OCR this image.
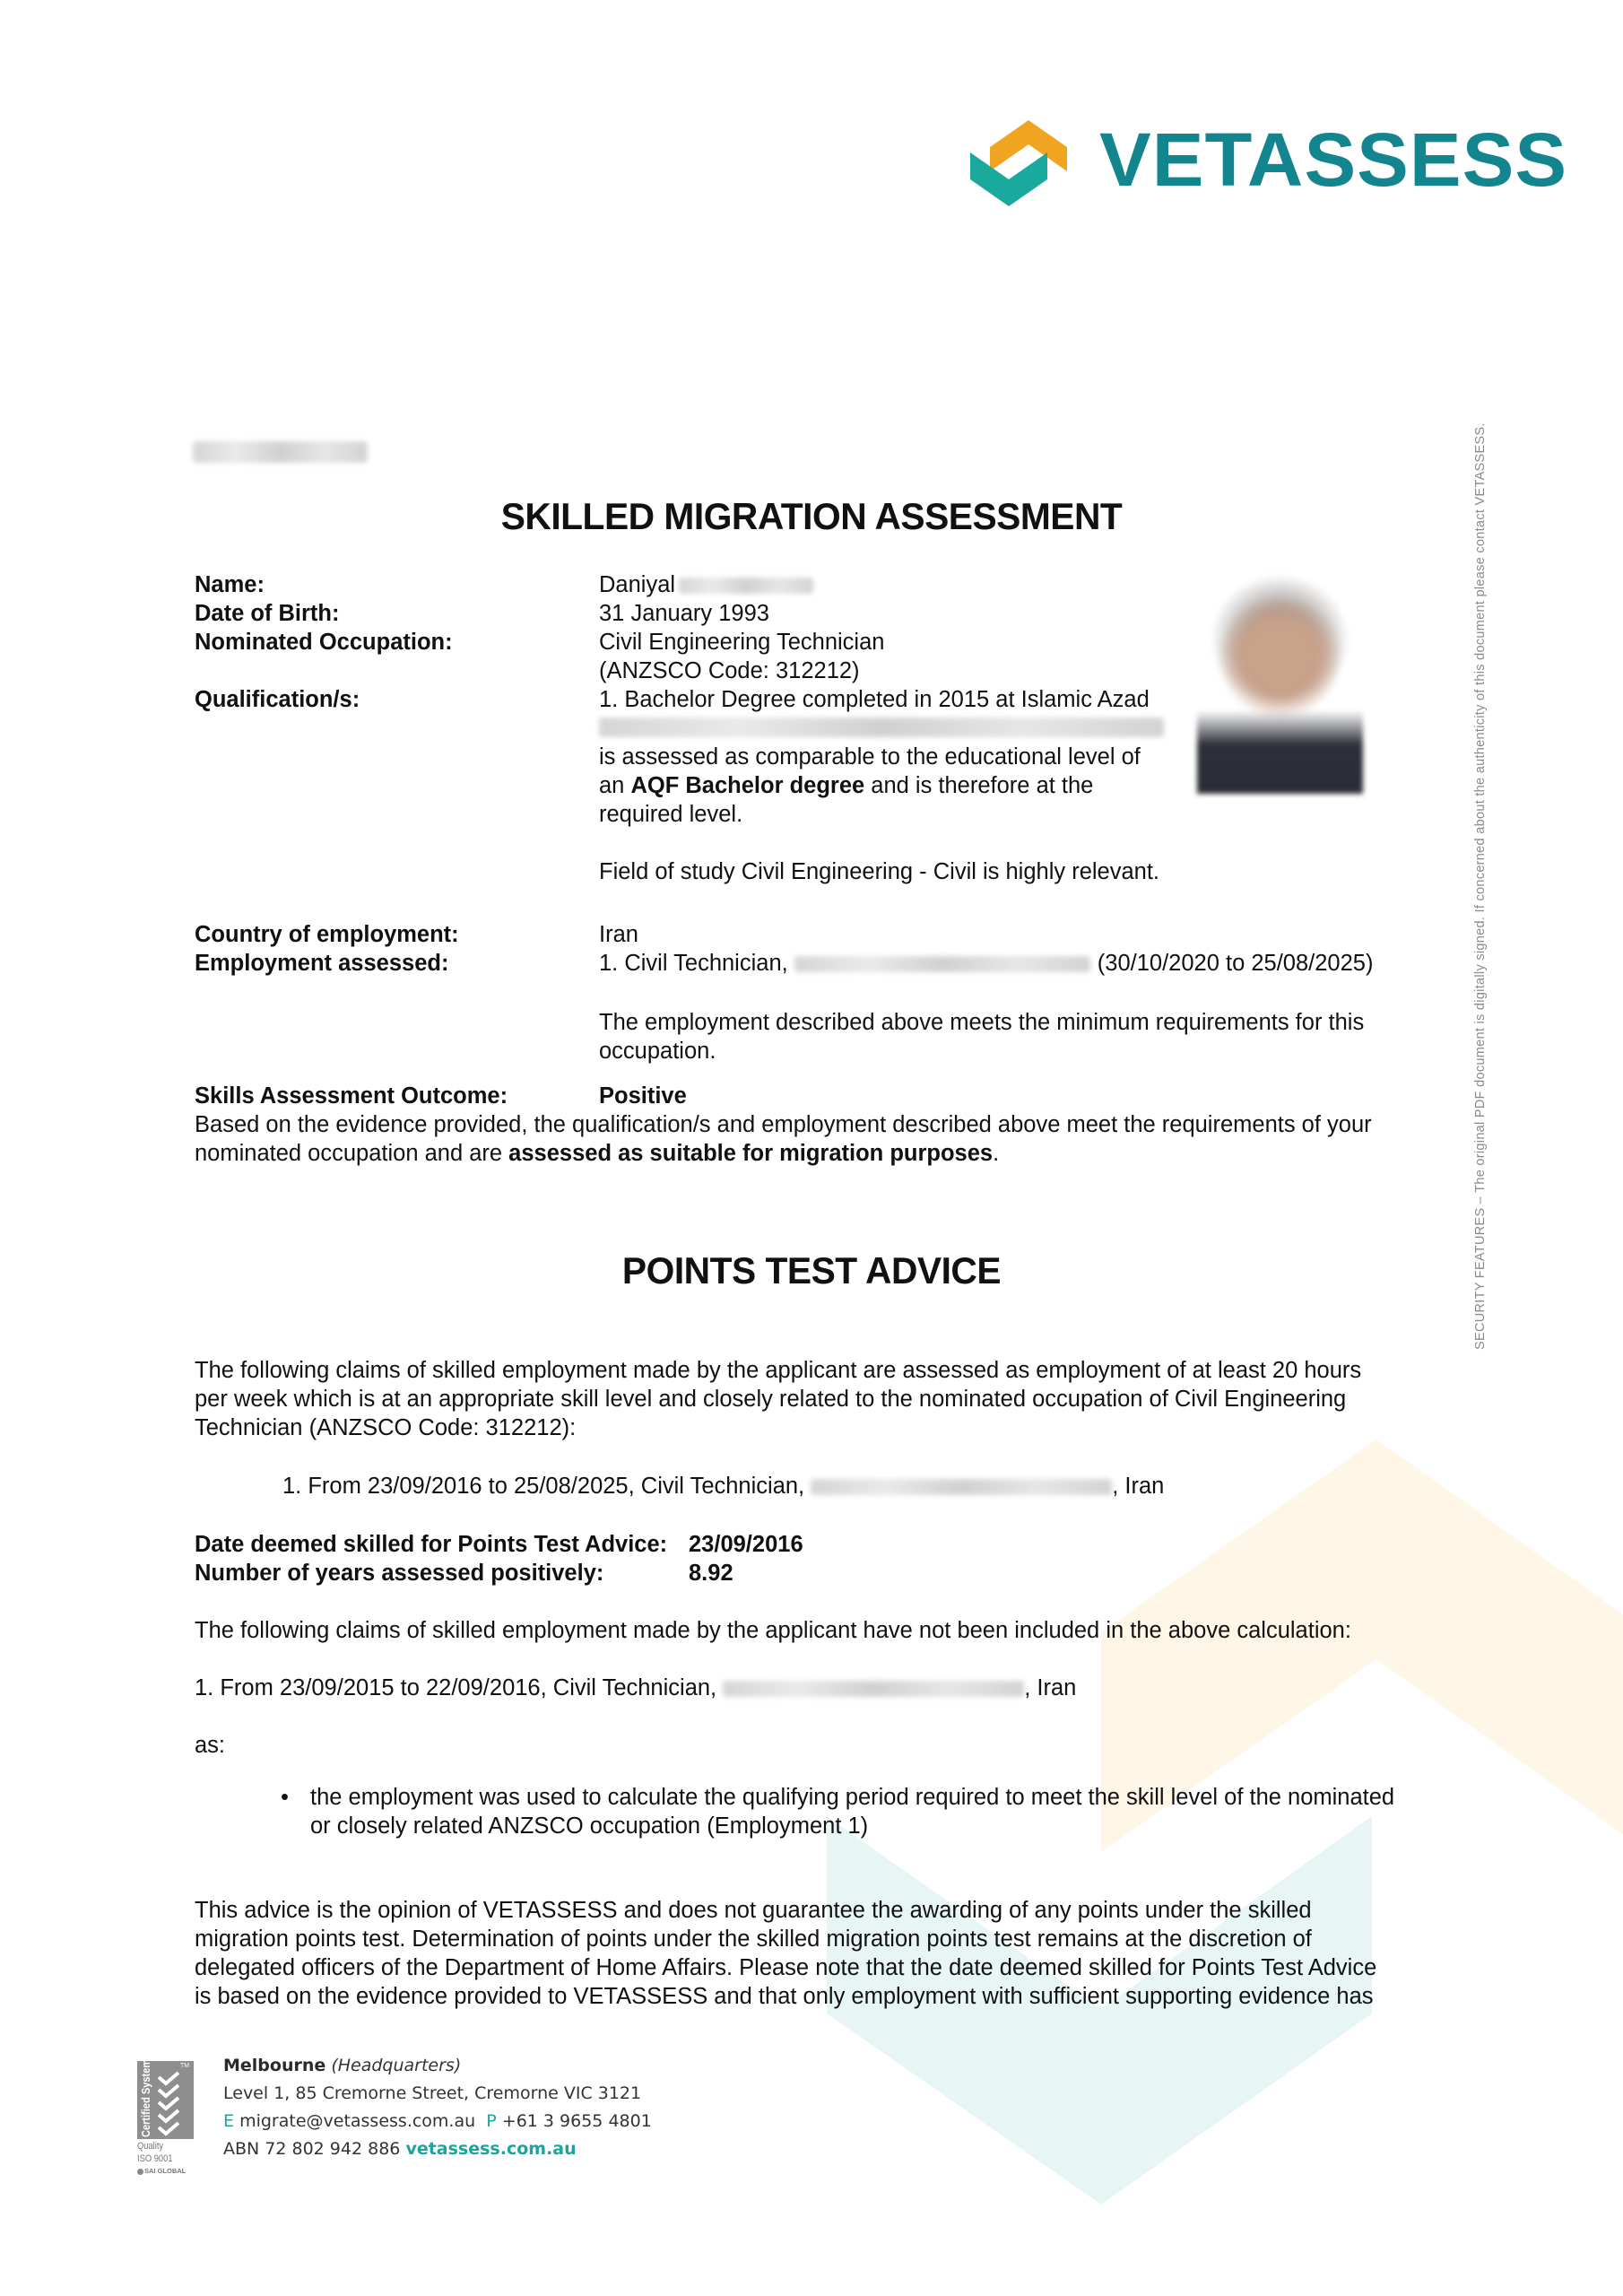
VETASSESS
SECURITY FEATURES – The original PDF document is digitally signed. If concerned about the authenticity of this document please contact VETASSESS.
SKILLED MIGRATION ASSESSMENT
Name:	Daniyal
Date of Birth:	31 January 1993
Nominated Occupation:	Civil Engineering Technician
(ANZSCO Code: 312212)
Qualification/s:	1. Bachelor Degree completed in 2015 at Islamic Azad
is assessed as comparable to the educational level of
an AQF Bachelor degree and is therefore at the
required level.
Field of study Civil Engineering - Civil is highly relevant.
Country of employment:	Iran
Employment assessed:	1. Civil Technician,	(30/10/2020 to 25/08/2025)
The employment described above meets the minimum requirements for this
occupation.
Skills Assessment Outcome:	Positive
Based on the evidence provided, the qualification/s and employment described above meet the requirements of your
nominated occupation and are assessed as suitable for migration purposes.
POINTS TEST ADVICE
The following claims of skilled employment made by the applicant are assessed as employment of at least 20 hours
per week which is at an appropriate skill level and closely related to the nominated occupation of Civil Engineering
Technician (ANZSCO Code: 312212):
1. From 23/09/2016 to 25/08/2025, Civil Technician,	, Iran
Date deemed skilled for Points Test Advice: 23/09/2016
Number of years assessed positively:	8.92
The following claims of skilled employment made by the applicant have not been included in the above calculation:
1. From 23/09/2015 to 22/09/2016, Civil Technician,	, Iran
as:
• the employment was used to calculate the qualifying period required to meet the skill level of the nominated
or closely related ANZSCO occupation (Employment 1)
This advice is the opinion of VETASSESS and does not guarantee the awarding of any points under the skilled
migration points test. Determination of points under the skilled migration points test remains at the discretion of
delegated officers of the Department of Home Affairs. Please note that the date deemed skilled for Points Test Advice
is based on the evidence provided to VETASSESS and that only employment with sufficient supporting evidence has
Certified System	TM
Quality
ISO 9001
SAI GLOBAL
Melbourne (Headquarters)
Level 1, 85 Cremorne Street, Cremorne VIC 3121
E migrate@vetassess.com.au P +61 3 9655 4801
ABN 72 802 942 886 vetassess.com.au
